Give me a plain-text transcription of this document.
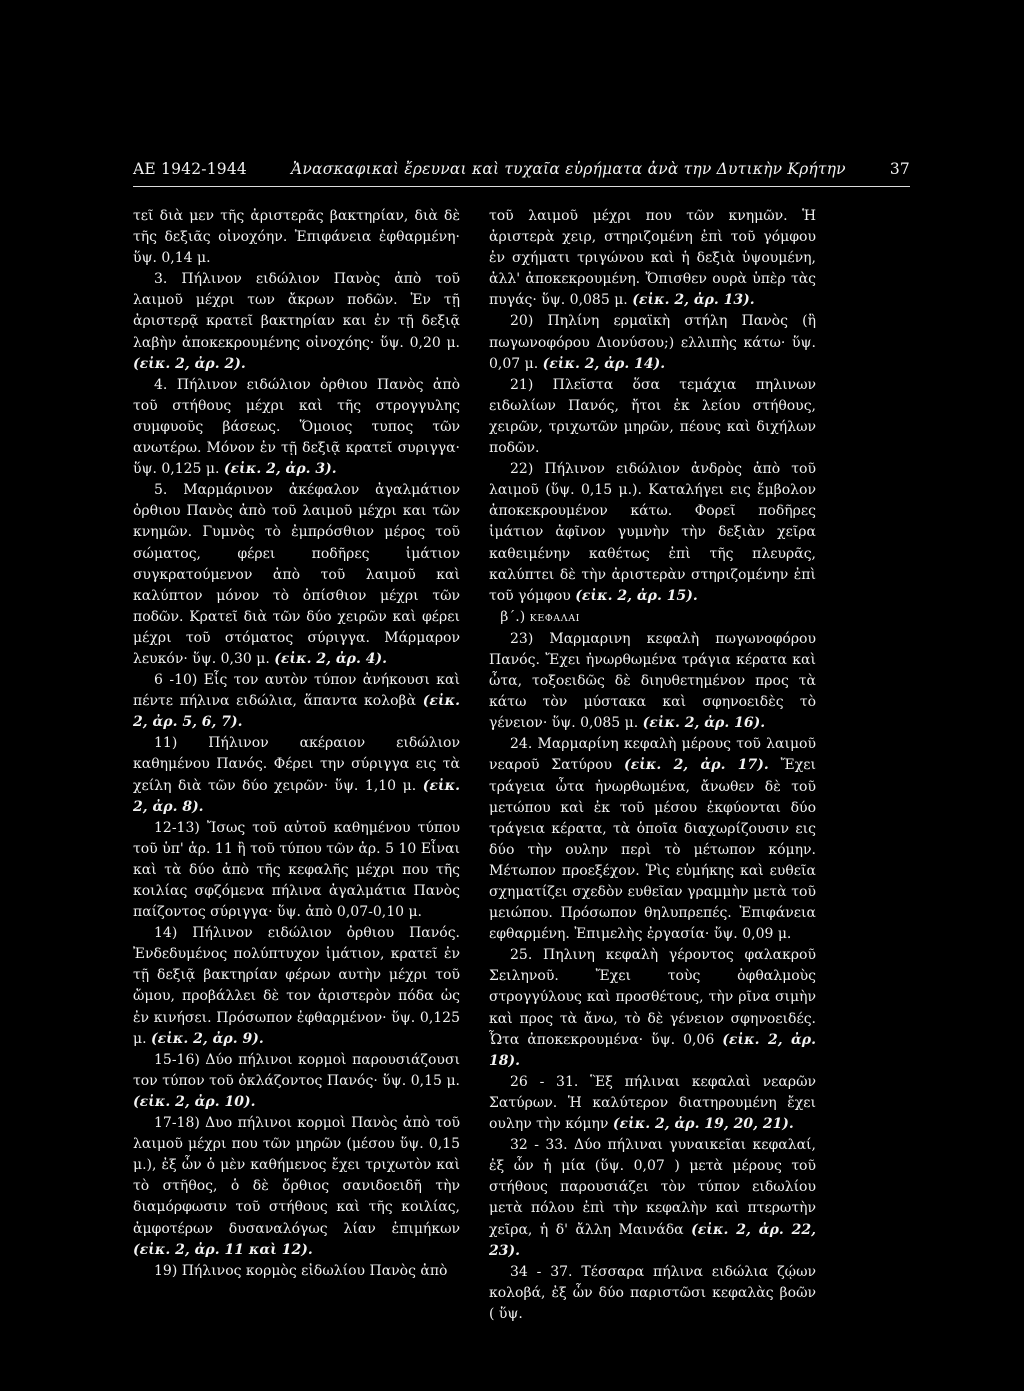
ΑΕ 1942-1944	Ἀνασκαφικαὶ ἔρευναι καὶ τυχαῖα εὑρήματα ἀνὰ την Δυτικὴν Κρήτην	37

τεῖ διὰ μεν τῆς ἀριστερᾶς βακτηρίαν, διὰ δὲ τῆς δεξιᾶς οἰνοχόην. Ἐπιφάνεια ἐφθαρμένη· ὕψ. 0,14 μ.

3. Πήλινον ειδώλιον Πανὸς ἀπὸ τοῦ λαιμοῦ μέχρι των ἄκρων ποδῶν. Ἐν τῇ ἀριστερᾷ κρατεῖ βακτηρίαν και ἐν τῇ δεξιᾷ λαβὴν ἀποκεκρουμένης οἰνοχόης· ὕψ. 0,20 μ. (εἰκ. 2, ἀρ. 2).

4. Πήλινον ειδώλιον ὀρθιου Πανὸς ἀπὸ τοῦ στήθους μέχρι καὶ τῆς στρογγυλης συμφυοῦς βάσεως. Ὅμοιος τυπος τῶν ανωτέρω. Μόνον ἐν τῇ δεξιᾷ κρατεῖ συριγγα· ὕψ. 0,125 μ. (εἰκ. 2, ἀρ. 3).

5. Μαρμάρινον ἀκέφαλον ἀγαλμάτιον ὀρθιου Πανὸς ἀπὸ τοῦ λαιμοῦ μέχρι και τῶν κνημῶν. Γυμνὸς τὸ ἐμπρόσθιον μέρος τοῦ σώματος, φέρει ποδῆρες ἱμάτιον συγκρατούμενον ἀπὸ τοῦ λαιμοῦ καὶ καλύπτον μόνον τὸ ὀπίσθιον μέχρι τῶν ποδῶν. Κρατεῖ διὰ τῶν δύο χειρῶν καὶ φέρει μέχρι τοῦ στόματος σύριγγα. Μάρμαρον λευκόν· ὕψ. 0,30 μ. (εἰκ. 2, ἀρ. 4).

6 -10) Εἷς τον αυτὸν τύπον ἀνήκουσι καὶ πέντε πήλινα ειδώλια, ἅπαντα κολοβὰ (εἰκ. 2, ἀρ. 5, 6, 7).

11) Πήλινον ακέραιον ειδώλιον καθημένου Πανός. Φέρει την σύριγγα εις τὰ χείλη διὰ τῶν δύο χειρῶν· ὕψ. 1,10 μ. (εἰκ. 2, ἀρ. 8).

12-13) Ἴσως τοῦ αὐτοῦ καθημένου τύπου τοῦ ὑπ' ἀρ. 11 ἢ τοῦ τύπου τῶν ἀρ. 5 10 Εἶναι καὶ τὰ δύο ἀπὸ τῆς κεφαλῆς μέχρι που τῆς κοιλίας σφζόμενα πήλινα ἀγαλμάτια Πανὸς παίζοντος σύριγγα· ὕψ. ἀπὸ 0,07-0,10 μ.

14) Πήλινον ειδώλιον ὀρθιου Πανός. Ἐνδεδυμένος πολύπτυχον ἱμάτιον, κρατεῖ ἐν τῇ δεξιᾷ βακτηρίαν φέρων αυτὴν μέχρι τοῦ ὤμου, προβάλλει δὲ τον ἀριστερὸν πόδα ὡς ἐν κινήσει. Πρόσωπον ἐφθαρμένον· ὕψ. 0,125 μ. (εἰκ. 2, ἀρ. 9).

15-16) Δύο πήλινοι κορμοὶ παρουσιάζουσι τον τύπον τοῦ ὀκλάζοντος Πανός· ὕψ. 0,15 μ. (εἰκ. 2, ἀρ. 10).

17-18) Δυο πήλινοι κορμοὶ Πανὸς ἀπὸ τοῦ λαιμοῦ μέχρι που τῶν μηρῶν (μέσου ὕψ. 0,15 μ.), ἐξ ὧν ὁ μὲν καθήμενος ἔχει τριχωτὸν καὶ τὸ στῆθος, ὁ δὲ ὄρθιος σανιδοειδῆ τὴν διαμόρφωσιν τοῦ στήθους καὶ τῆς κοιλίας, ἀμφοτέρων δυσαναλόγως λίαν ἐπιμήκων (εἰκ. 2, ἀρ. 11 καὶ 12).

19) Πήλινος κορμὸς εἰδωλίου Πανὸς ἀπὸ

τοῦ λαιμοῦ μέχρι που τῶν κνημῶν. Ἡ ἀριστερὰ χειρ, στηριζομένη ἐπὶ τοῦ γόμφου ἐν σχήματι τριγώνου καὶ ἡ δεξιὰ ὑψουμένη, ἀλλ' ἀποκεκρουμένη. Ὄπισθεν ουρὰ ὑπὲρ τὰς πυγάς· ὕψ. 0,085 μ. (εἰκ. 2, ἀρ. 13).

20) Πηλίνη ερμαϊκὴ στήλη Πανὸς (ἢ πωγωνοφόρου Διονύσου;) ελλιπὴς κάτω· ὕψ. 0,07 μ. (εἰκ. 2, ἀρ. 14).

21) Πλεῖστα ὅσα τεμάχια πηλινων ειδωλίων Πανός, ἤτοι ἐκ λείου στήθους, χειρῶν, τριχωτῶν μηρῶν, πέους καὶ διχήλων ποδῶν.

22) Πήλινον ειδώλιον ἀνδρὸς ἀπὸ τοῦ λαιμοῦ (ὕψ. 0,15 μ.). Καταλήγει εις ἔμβολον ἀποκεκρουμένον κάτω. Φορεῖ ποδῆρες ἱμάτιον ἀφῖνον γυμνὴν τὴν δεξιὰν χεῖρα καθειμένην καθέτως ἐπὶ τῆς πλευρᾶς, καλύπτει δὲ τὴν ἀριστερὰν στηριζομένην ἐπὶ τοῦ γόμφου (εἰκ. 2, ἀρ. 15).

β΄.) ΚΕΦΑΛΑΙ

23) Μαρμαρινη κεφαλὴ πωγωνοφόρου Πανός. Ἔχει ἠνωρθωμένα τράγια κέρατα καὶ ὦτα, τοξοειδῶς δὲ διηυθετημένον προς τὰ κάτω τὸν μύστακα καὶ σφηνοειδὲς τὸ γένειον· ὕψ. 0,085 μ. (εἰκ. 2, ἀρ. 16).

24. Μαρμαρίνη κεφαλὴ μέρους τοῦ λαιμοῦ νεαροῦ Σατύρου (εἰκ. 2, ἀρ. 17). Ἔχει τράγεια ὦτα ἠνωρθωμένα, ἄνωθεν δὲ τοῦ μετώπου καὶ ἐκ τοῦ μέσου ἐκφύονται δύο τράγεια κέρατα, τὰ ὁποῖα διαχωρίζουσιν εις δύο τὴν ουλην περὶ τὸ μέτωπον κόμην. Μέτωπον προεξέχον. Ῥὶς εὐμήκης καὶ ευθεῖα σχηματίζει σχεδὸν ευθεῖαν γραμμὴν μετὰ τοῦ μειώπου. Πρόσωπον θηλυπρεπές. Ἐπιφάνεια εφθαρμένη. Ἐπιμελὴς ἐργασία· ὕψ. 0,09 μ.

25. Πηλινη κεφαλὴ γέροντος φαλακροῦ Σειληνοῦ. Ἔχει τοὺς ὀφθαλμοὺς στρογγύλους καὶ προσθέτους, τὴν ρῖνα σιμὴν καὶ προς τὰ ἄνω, τὸ δὲ γένειον σφηνοειδές. Ὦτα ἀποκεκρουμένα· ὕψ. 0,06 (εἰκ. 2, ἀρ. 18).

26 - 31. Ἓξ πήλιναι κεφαλαὶ νεαρῶν Σατύρων. Ἡ καλύτερον διατηρουμένη ἔχει ουλην τὴν κόμην (εἰκ. 2, ἀρ. 19, 20, 21).

32 - 33. Δύο πήλιναι γυναικεῖαι κεφαλαί, ἐξ ὧν ἡ μία (ὕψ. 0,07 ) μετὰ μέρους τοῦ στήθους παρουσιάζει τὸν τύπον ειδωλίου μετὰ πόλου ἐπὶ τὴν κεφαλὴν καὶ πτερωτὴν χεῖρα, ἡ δ' ἄλλη Μαινάδα (εἰκ. 2, ἀρ. 22, 23).

34 - 37. Τέσσαρα πήλινα ειδώλια ζῴων κολοβά, ἐξ ὧν δύο παριστῶσι κεφαλὰς βοῶν ( ὕψ.
